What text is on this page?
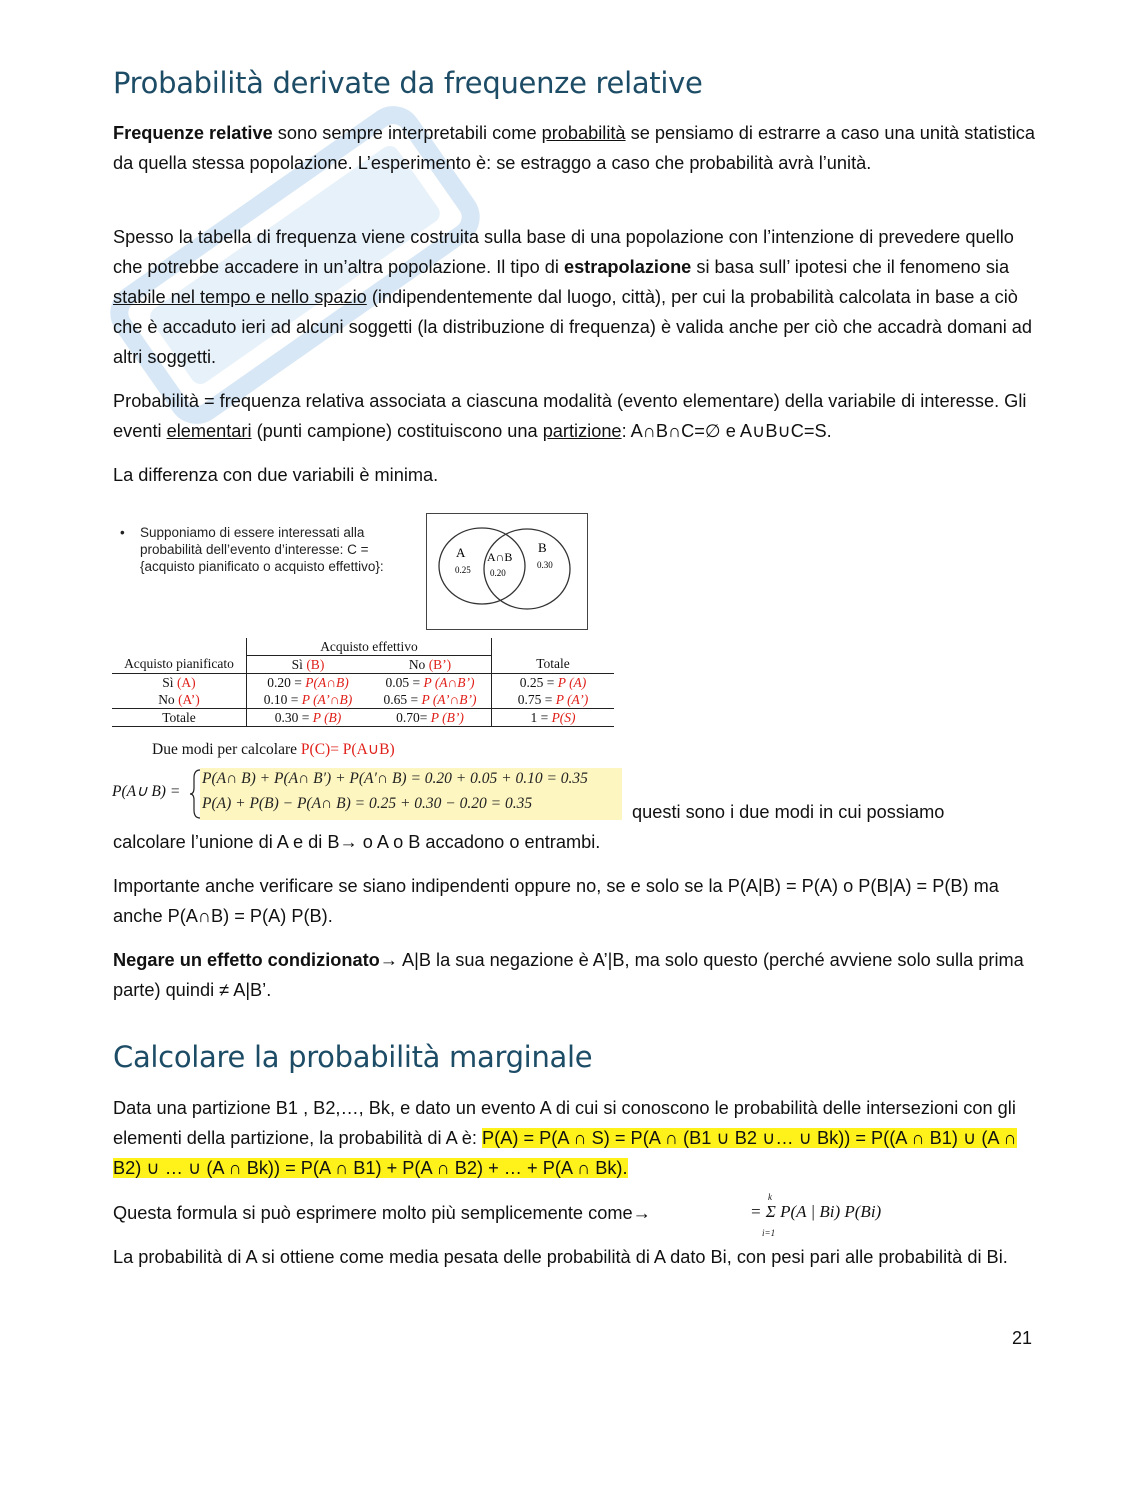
Probabilità derivate da frequenze relative
Frequenze relative sono sempre interpretabili come probabilità se pensiamo di estrarre a caso una unità statistica da quella stessa popolazione. L’esperimento è: se estraggo a caso che probabilità avrà l’unità.
Spesso la tabella di frequenza viene costruita sulla base di una popolazione con l’intenzione di prevedere quello che potrebbe accadere in un’altra popolazione. Il tipo di estrapolazione si basa sull’ ipotesi che il fenomeno sia stabile nel tempo e nello spazio (indipendentemente dal luogo, città), per cui la probabilità calcolata in base a ciò che è accaduto ieri ad alcuni soggetti (la distribuzione di frequenza) è valida anche per ciò che accadrà domani ad altri soggetti.
Probabilità = frequenza relativa associata a ciascuna modalità (evento elementare) della variabile di interesse. Gli eventi elementari (punti campione) costituiscono una partizione: A∩B∩C=∅ e A∪B∪C=S.
La differenza con due variabili è minima.
• Supponiamo di essere interessati alla probabilità dell’evento d’interesse: C = {acquisto pianificato o acquisto effettivo}:
A
0.25
A∩B
0.20
B
0.30
	Acquisto effettivo		
Acquisto pianificato	Sì (B)	No (B’)	Totale
Sì (A)	0.20 = P(A∩B)	0.05 = P (A∩B’)	0.25 = P (A)
No (A’)	0.10 = P (A’∩B)	0.65 = P (A’∩B’)	0.75 = P (A’)
Totale	0.30 = P (B)	0.70= P (B’)	1 = P(S)
Due modi per calcolare P(C)= P(A∪B)
P(A∪ B) =
P(A∩ B) + P(A∩ B′) + P(A′∩ B) = 0.20 + 0.05 + 0.10 = 0.35
P(A) + P(B) − P(A∩ B) = 0.25 + 0.30 − 0.20 = 0.35	questi sono i due modi in cui possiamo
calcolare l’unione di A e di B→ o A o B accadono o entrambi.
Importante anche verificare se siano indipendenti oppure no, se e solo se la P(A|B) = P(A) o P(B|A) = P(B) ma anche P(A∩B) = P(A) P(B).
Negare un effetto condizionato→ A|B la sua negazione è A’|B, ma solo questo (perché avviene solo sulla prima parte) quindi ≠ A|B’.
Calcolare la probabilità marginale
Data una partizione B1 , B2,…, Bk, e dato un evento A di cui si conoscono le probabilità delle intersezioni con gli elementi della partizione, la probabilità di A è: P(A) = P(A ∩ S) = P(A ∩ (B1 ∪ B2 ∪… ∪ Bk)) = P((A ∩ B1) ∪ (A ∩ B2) ∪ … ∪ (A ∩ Bk)) = P(A ∩ B1) + P(A ∩ B2) + … + P(A ∩ Bk).
Questa formula si può esprimere molto più semplicemente come→
k
= Σ P(A | Bi) P(Bi)
i=1
La probabilità di A si ottiene come media pesata delle probabilità di A dato Bi, con pesi pari alle probabilità di Bi.
21
